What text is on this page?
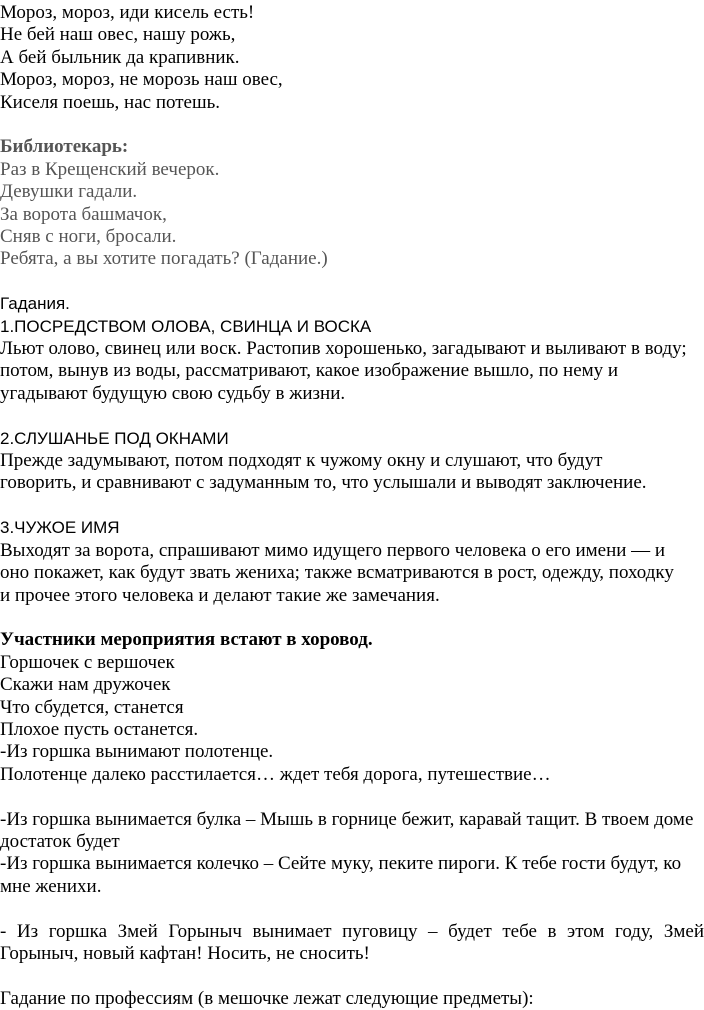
Мороз, мороз, иди кисель есть!
Не бей наш овес, нашу рожь,
А бей быльник да крапивник.
Мороз, мороз, не морозь наш овес,
Киселя поешь, нас потешь.
Библиотекарь:
Раз в Крещенский вечерок.
Девушки гадали.
За ворота башмачок,
Сняв с ноги, бросали.
Ребята, а вы хотите погадать? (Гадание.)
Гадания.
1.ПОСРЕДСТВОМ ОЛОВА, СВИНЦА И ВОСКА
Льют олово, свинец или воск. Растопив хорошенько, загадывают и выливают в воду;
потом, вынув из воды, рассматривают, какое изображение вышло, по нему и
угадывают будущую свою судьбу в жизни.
2.СЛУШАНЬЕ ПОД ОКНАМИ
Прежде задумывают, потом подходят к чужому окну и слушают, что будут
говорить, и сравнивают с задуманным то, что услышали и выводят заключение.
3.ЧУЖОЕ ИМЯ
Выходят за ворота, спрашивают мимо идущего первого человека о его имени — и
оно покажет, как будут звать жениха; также всматриваются в рост, одежду, походку
и прочее этого человека и делают такие же замечания.
Участники мероприятия встают в хоровод.
Горшочек с вершочек
Скажи нам дружочек
Что сбудется, станется
Плохое пусть останется.
-Из горшка вынимают полотенце.
Полотенце далеко расстилается… ждет тебя дорога, путешествие…
-Из горшка вынимается булка – Мышь в горнице бежит, каравай тащит. В твоем доме
достаток будет
-Из горшка вынимается колечко – Сейте муку, пеките пироги. К тебе гости будут, ко
мне женихи.
- Из горшка Змей Горыныч вынимает пуговицу – будет тебе в этом году, Змей
Горыныч, новый кафтан! Носить, не сносить!
Гадание по профессиям (в мешочке лежат следующие предметы):
